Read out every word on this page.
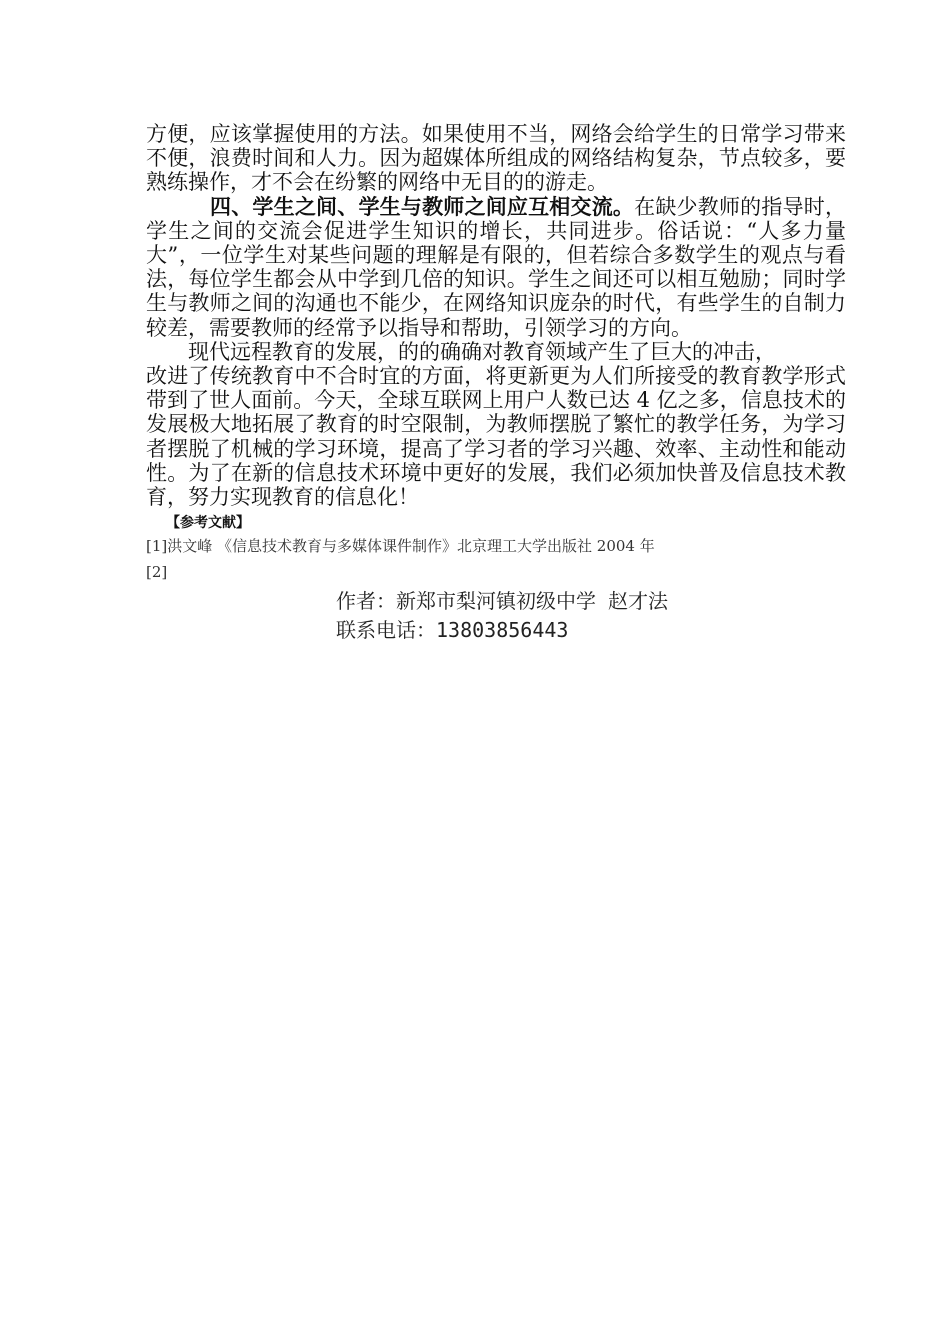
方便，应该掌握使用的方法。如果使用不当，网络会给学生的日常学习带来不便，浪费时间和人力。因为超媒体所组成的网络结构复杂，节点较多，要熟练操作，才不会在纷繁的网络中无目的的游走。

四、学生之间、学生与教师之间应互相交流。在缺少教师的指导时，学生之间的交流会促进学生知识的增长，共同进步。俗话说：“人多力量大”，一位学生对某些问题的理解是有限的，但若综合多数学生的观点与看法，每位学生都会从中学到几倍的知识。学生之间还可以相互勉励；同时学生与教师之间的沟通也不能少，在网络知识庞杂的时代，有些学生的自制力较差，需要教师的经常予以指导和帮助，引领学习的方向。

现代远程教育的发展，的的确确对教育领域产生了巨大的冲击，

改进了传统教育中不合时宜的方面，将更新更为人们所接受的教育教学形式带到了世人面前。今天，全球互联网上用户人数已达 4 亿之多，信息技术的发展极大地拓展了教育的时空限制，为教师摆脱了繁忙的教学任务，为学习者摆脱了机械的学习环境，提高了学习者的学习兴趣、效率、主动性和能动性。为了在新的信息技术环境中更好的发展，我们必须加快普及信息技术教育，努力实现教育的信息化！

【参考文献】

[1]洪文峰 《信息技术教育与多媒体课件制作》北京理工大学出版社 2004 年

[2]

作者：新郑市梨河镇初级中学 赵才法

联系电话：13803856443
